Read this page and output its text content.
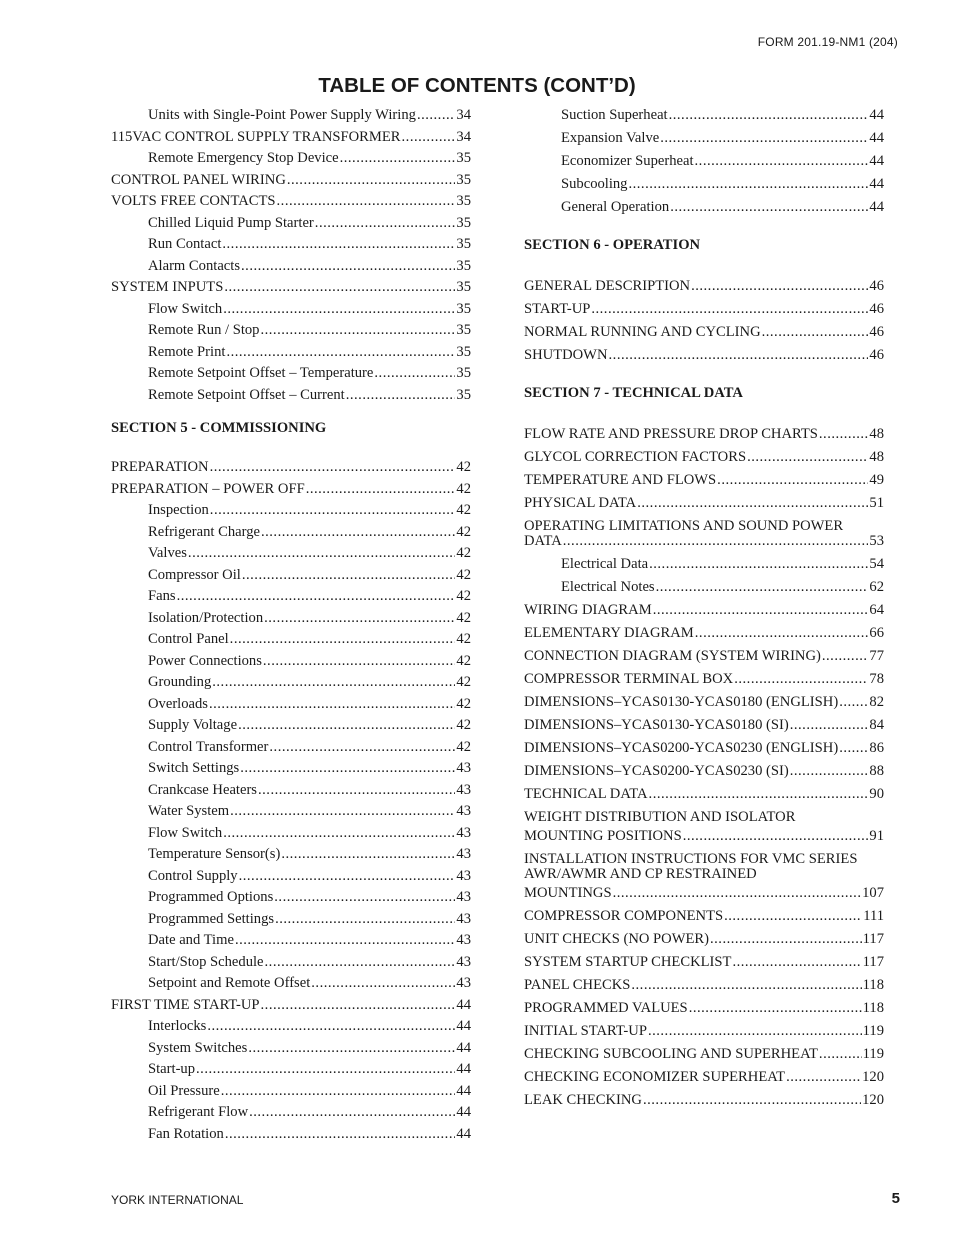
FORM 201.19-NM1 (204)
TABLE OF CONTENTS (CONT’D)
Units with Single-Point Power Supply Wiring .....	34
115VAC CONTROL SUPPLY TRANSFORMER .....	34
Remote Emergency Stop Device .....	35
CONTROL PANEL WIRING .....	35
VOLTS FREE CONTACTS .....	35
Chilled Liquid Pump Starter .....	35
Run Contact .....	35
Alarm Contacts .....	35
SYSTEM INPUTS .....	35
Flow Switch .....	35
Remote Run / Stop .....	35
Remote Print .....	35
Remote Setpoint Offset – Temperature .....	35
Remote Setpoint Offset – Current .....	35
SECTION 5 - COMMISSIONING
PREPARATION .....	42
PREPARATION – POWER OFF .....	42
Inspection .....	42
Refrigerant Charge .....	42
Valves .....	42
Compressor Oil .....	42
Fans .....	42
Isolation/Protection .....	42
Control Panel .....	42
Power Connections .....	42
Grounding .....	42
Overloads .....	42
Supply Voltage .....	42
Control Transformer .....	42
Switch Settings .....	43
Crankcase Heaters .....	43
Water System .....	43
Flow Switch .....	43
Temperature Sensor(s) .....	43
Control Supply .....	43
Programmed Options .....	43
Programmed Settings .....	43
Date and Time .....	43
Start/Stop Schedule .....	43
Setpoint and Remote Offset .....	43
FIRST TIME START-UP .....	44
Interlocks .....	44
System Switches .....	44
Start-up .....	44
Oil Pressure .....	44
Refrigerant Flow .....	44
Fan Rotation .....	44
Suction Superheat .....	44
Expansion Valve .....	44
Economizer Superheat .....	44
Subcooling .....	44
General Operation .....	44
SECTION 6 - OPERATION
GENERAL DESCRIPTION .....	46
START-UP .....	46
NORMAL RUNNING AND CYCLING .....	46
SHUTDOWN .....	46
SECTION 7 - TECHNICAL DATA
FLOW RATE AND PRESSURE DROP CHARTS .....	48
GLYCOL CORRECTION FACTORS .....	48
TEMPERATURE AND FLOWS .....	49
PHYSICAL DATA .....	51
OPERATING LIMITATIONS AND SOUND POWER
DATA .....	53
Electrical Data .....	54
Electrical Notes .....	62
WIRING DIAGRAM .....	64
ELEMENTARY DIAGRAM .....	66
CONNECTION DIAGRAM (SYSTEM WIRING) .....	77
COMPRESSOR TERMINAL BOX .....	78
DIMENSIONS–YCAS0130-YCAS0180 (ENGLISH) ..... 82
DIMENSIONS–YCAS0130-YCAS0180 (SI) .....	84
DIMENSIONS–YCAS0200-YCAS0230 (ENGLISH) ..... 86
DIMENSIONS–YCAS0200-YCAS0230 (SI) .....	88
TECHNICAL DATA .....	90
WEIGHT DISTRIBUTION AND ISOLATOR
MOUNTING POSITIONS .....	91
INSTALLATION INSTRUCTIONS FOR VMC SERIES
AWR/AWMR AND CP RESTRAINED
MOUNTINGS .....	107
COMPRESSOR COMPONENTS .....	111
UNIT CHECKS (NO POWER) .....	117
SYSTEM STARTUP CHECKLIST .....	117
PANEL CHECKS .....	118
PROGRAMMED VALUES .....	118
INITIAL START-UP .....	119
CHECKING SUBCOOLING AND SUPERHEAT .....	119
CHECKING ECONOMIZER SUPERHEAT .....	120
LEAK CHECKING .....	120
YORK INTERNATIONAL	5
